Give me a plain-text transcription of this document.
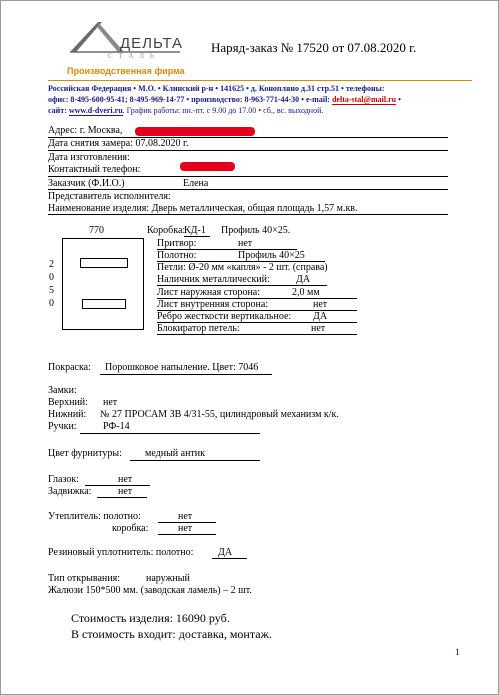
ДЕЛЬТА
С Т А Л Ь
Производственная фирма
Наряд-заказ № 17520 от 07.08.2020 г.
Российская Федерация • М.О. • Клинский р-н • 141625 • д. Конопляно д.31 стр.51 • телефоны:
офис: 8-495-600-95-41; 8-495-969-14-77 • производство: 8-963-771-44-30 • e-mail: delta-stal@mail.ru •
сайт: www.d-dveri.ru. График работы: пн.-пт. с 9.00 до 17.00 • сб., вс. выходной.
Адрес: г. Москва,
Дата снятия замера: 07.08.2020 г.
Дата изготовления:
Контактный телефон:
Заказчик (Ф.И.О.)	Елена
Представитель исполнителя:
Наименование изделия: Дверь металлическая, общая площадь 1,57 м.кв.
770
2
0
5
0
Коробка:
КД-1	Профиль 40×25.
Притвор:	нет
Полотно:	Профиль 40×25
Петли: Ø-20 мм «капля» - 2 шт. (справа)
Наличник металлический:	ДА
Лист наружная сторона:	2,0 мм
Лист внутренняя сторона:	нет
Ребро жесткости вертикальное: ДА
Блокиратор петель:	нет
Покраска: Порошковое напыление. Цвет: 7046
Замки:
Верхний: нет
Нижний: № 27 ПРОСАМ ЗВ 4/31-55, цилиндровый механизм к/к.
Ручки:	РФ-14
Цвет фурнитуры: медный антик
Глазок:	нет
Задвижка:	нет
Утеплитель: полотно:	нет
коробка:	нет
Резиновый уплотнитель: полотно: ДА
Тип открывания:	наружный
Жалюзи 150*500 мм. (заводская ламель) – 2 шт.
Стоимость изделия: 16090 руб.
В стоимость входит: доставка, монтаж.
1
